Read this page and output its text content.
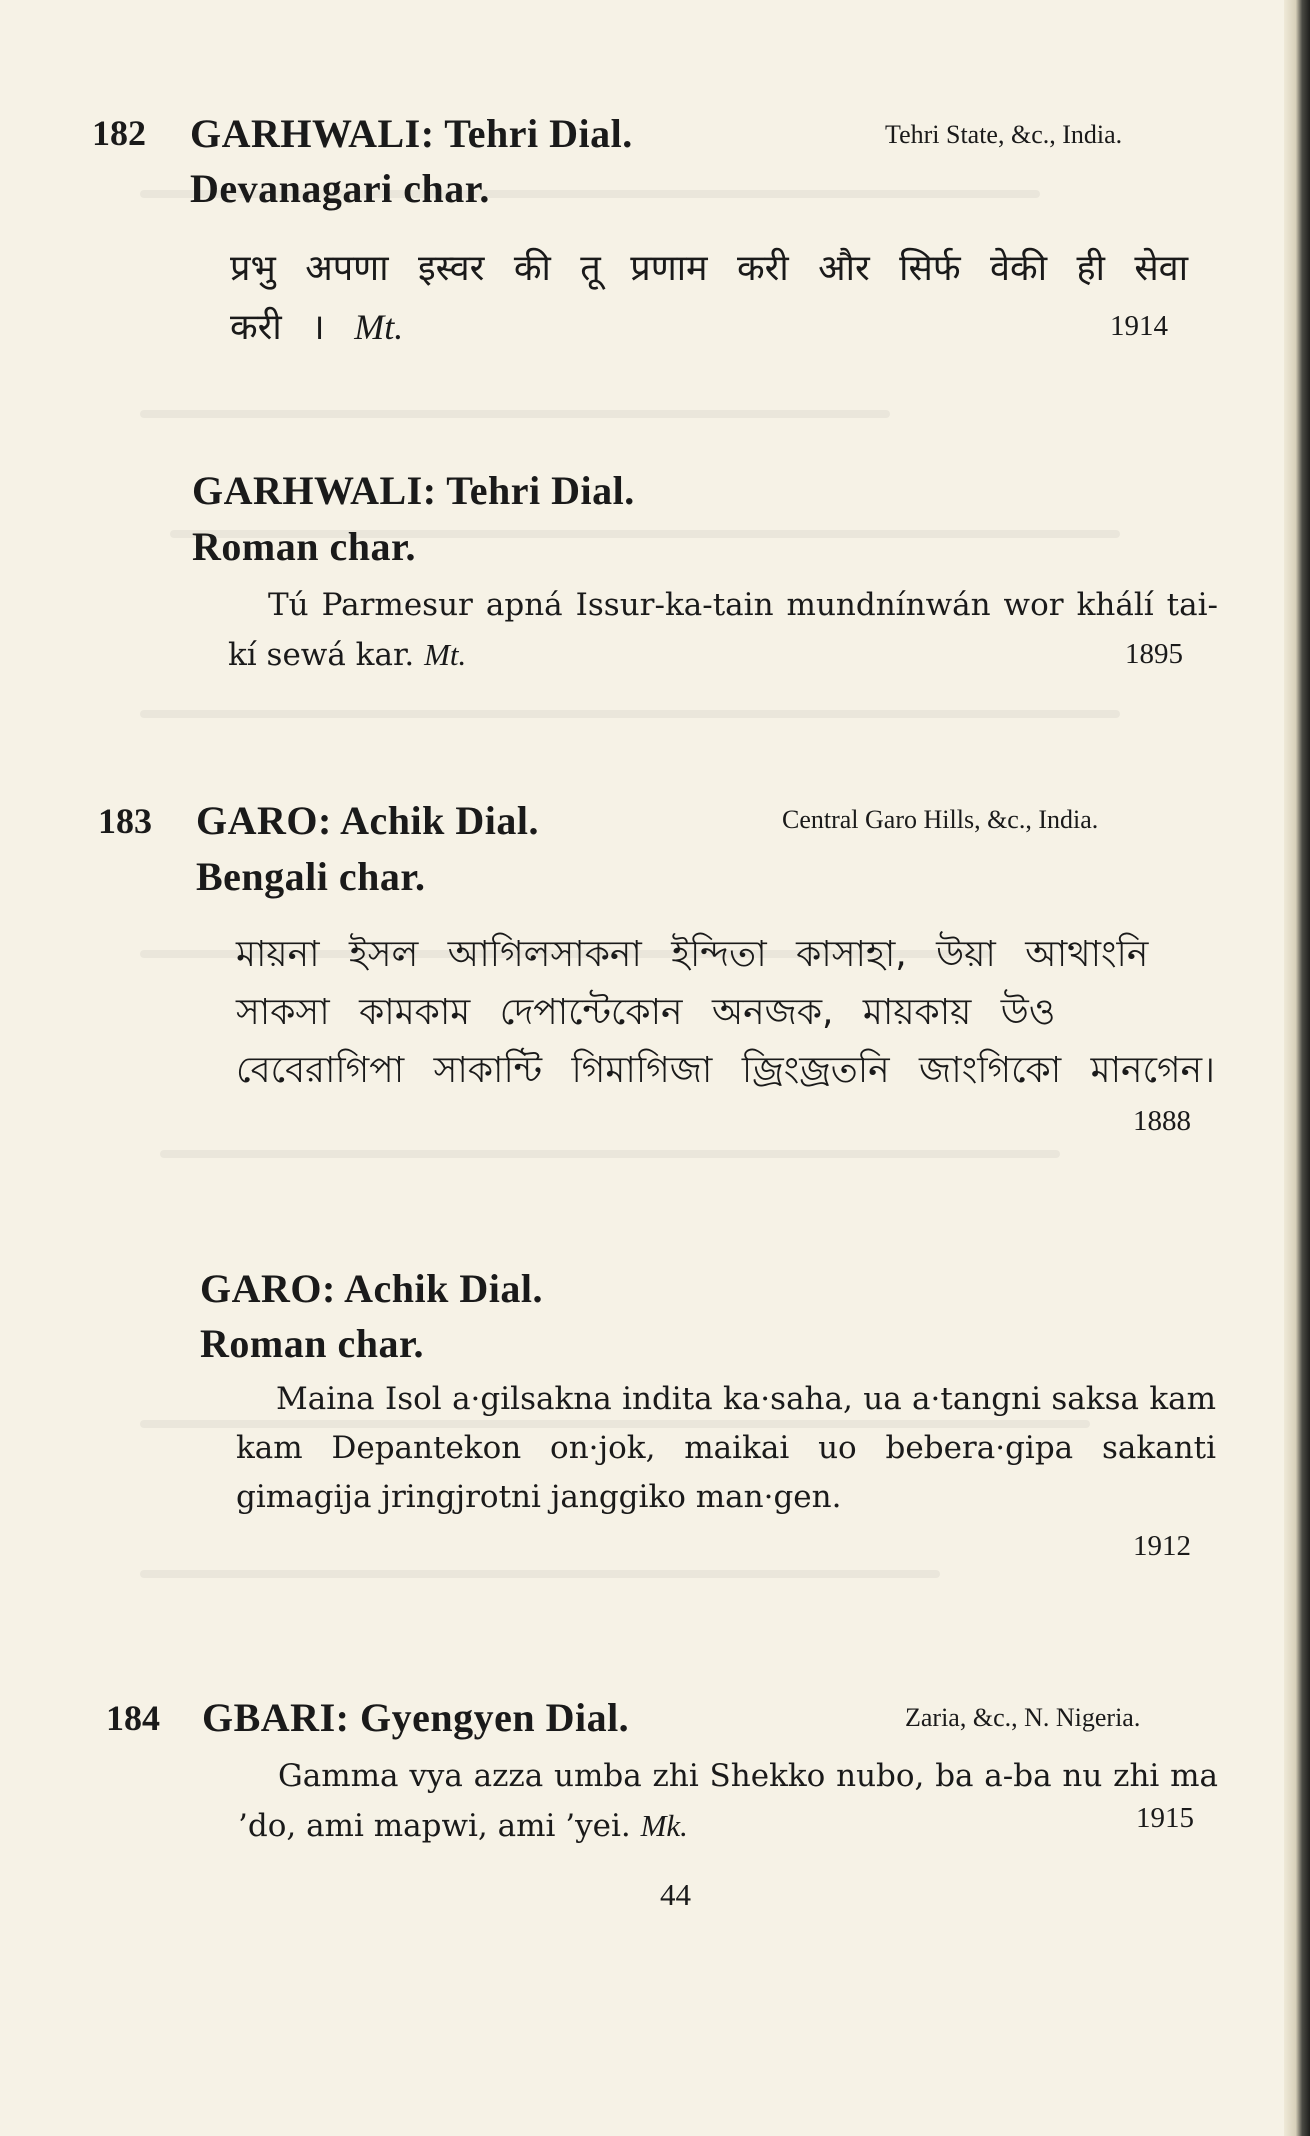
182 GARHWALI: Tehri Dial.	Tehri State, &c., India.
Devanagari char.
प्रभु अपणा इस्वर की तू प्रणाम करी और सिर्फ वेकी ही सेवा करी । Mt.	1914
GARHWALI: Tehri Dial.
Roman char.
Tú Parmesur apná Issur-ka-tain mundnínwán wor khálí tai-kí sewá kar. Mt.	1895
183 GARO: Achik Dial.	Central Garo Hills, &c., India.
Bengali char.
মায়না ইসল আগিলসাকনা ইন্দিতা কাসাহা, উয়া আথাংনি সাকসা কামকাম দেপান্টেকোন অনজক, মায়কায় উও বেবেরাগিপা সাকান্টি গিমাগিজা জ্রিংজ্রতনি জাংগিকো মানগেন।
1888
GARO: Achik Dial.
Roman char.
Maina Isol a·gilsakna indita ka·saha, ua a·tangni saksa kam kam Depantekon on·jok, maikai uo bebera·gipa sakanti gimagija jringjrotni janggiko man·gen.
1912
184 GBARI: Gyengyen Dial.	Zaria, &c., N. Nigeria.
Gamma vya azza umba zhi Shekko nubo, ba a-ba nu zhi ma ’do, ami mapwi, ami ’yei. Mk.	1915
44
